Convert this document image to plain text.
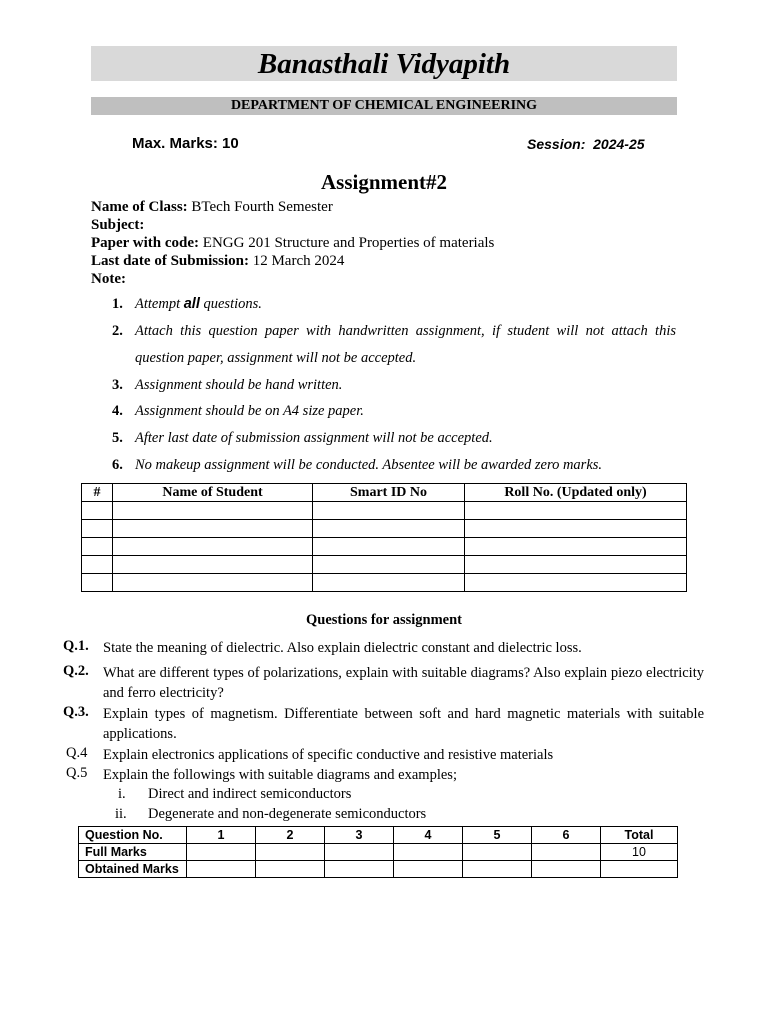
Banasthali Vidyapith
DEPARTMENT OF CHEMICAL ENGINEERING
Max. Marks: 10	Session: 2024-25
Assignment#2
Name of Class: BTech Fourth Semester
Subject:
Paper with code: ENGG 201 Structure and Properties of materials
Last date of Submission: 12 March 2024
Note:
1. Attempt all questions.
2. Attach this question paper with handwritten assignment, if student will not attach this
question paper, assignment will not be accepted.
3. Assignment should be hand written.
4. Assignment should be on A4 size paper.
5. After last date of submission assignment will not be accepted.
6. No makeup assignment will be conducted. Absentee will be awarded zero marks.
#	Name of Student	Smart ID No	Roll No. (Updated only)

Questions for assignment
Q.1. State the meaning of dielectric. Also explain dielectric constant and dielectric loss.
Q.2. What are different types of polarizations, explain with suitable diagrams? Also explain piezo electricity and ferro electricity?
Q.3. Explain types of magnetism. Differentiate between soft and hard magnetic materials with suitable applications.
Q.4 Explain electronics applications of specific conductive and resistive materials
Q.5 Explain the followings with suitable diagrams and examples;
i. Direct and indirect semiconductors
ii. Degenerate and non-degenerate semiconductors
Question No.	1	2	3	4	5	6	Total
Full Marks							10
Obtained Marks							
